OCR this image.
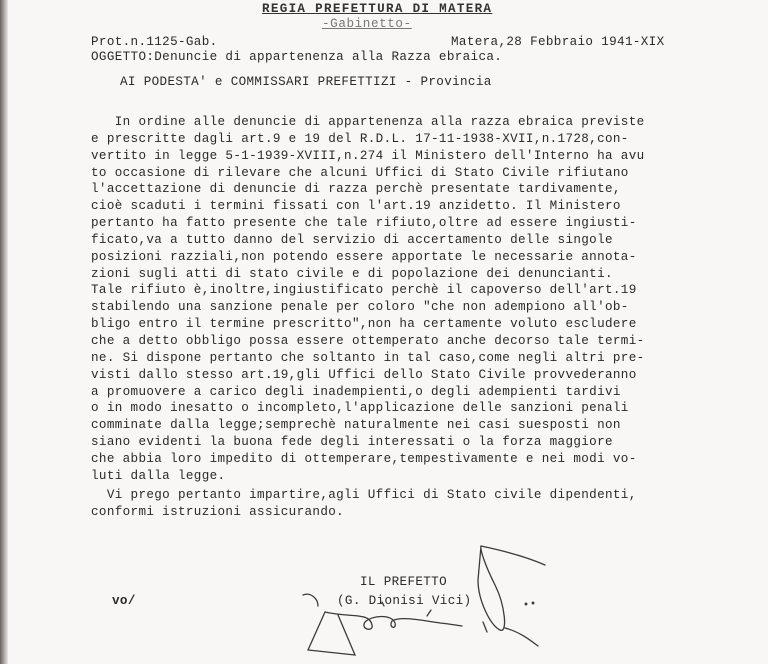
REGIA PREFETTURA DI MATERA
-Gabinetto-
Prot.n.1125-Gab.	Matera,28 Febbraio 1941-XIX
OGGETTO:Denuncie di appartenenza alla Razza ebraica.
AI PODESTA' e COMMISSARI PREFETTIZI - Provincia
In ordine alle denuncie di appartenenza alla razza ebraica previste
e prescritte dagli art.9 e 19 del R.D.L. 17-11-1938-XVII,n.1728,con-
vertito in legge 5-1-1939-XVIII,n.274 il Ministero dell'Interno ha avu
to occasione di rilevare che alcuni Uffici di Stato Civile rifiutano
l'accettazione di denuncie di razza perchè presentate tardivamente,
cioè scaduti i termini fissati con l'art.19 anzidetto. Il Ministero
pertanto ha fatto presente che tale rifiuto,oltre ad essere ingiusti-
ficato,va a tutto danno del servizio di accertamento delle singole
posizioni razziali,non potendo essere apportate le necessarie annota-
zioni sugli atti di stato civile e di popolazione dei denuncianti.
Tale rifiuto è,inoltre,ingiustificato perchè il capoverso dell'art.19
stabilendo una sanzione penale per coloro "che non adempiono all'ob-
bligo entro il termine prescritto",non ha certamente voluto escludere
che a detto obbligo possa essere ottemperato anche decorso tale termi-
ne. Si dispone pertanto che soltanto in tal caso,come negli altri pre-
visti dallo stesso art.19,gli Uffici dello Stato Civile provvederanno
a promuovere a carico degli inadempienti,o degli adempienti tardivi
o in modo inesatto o incompleto,l'applicazione delle sanzioni penali
comminate dalla legge;semprechè naturalmente nei casi suesposti non
siano evidenti la buona fede degli interessati o la forza maggiore
che abbia loro impedito di ottemperare,tempestivamente e nei modi vo-
luti dalla legge.
Vi prego pertanto impartire,agli Uffici di Stato civile dipendenti,
conformi istruzioni assicurando.
IL PREFETTO
(G. Dionisi Vici)
vo/
